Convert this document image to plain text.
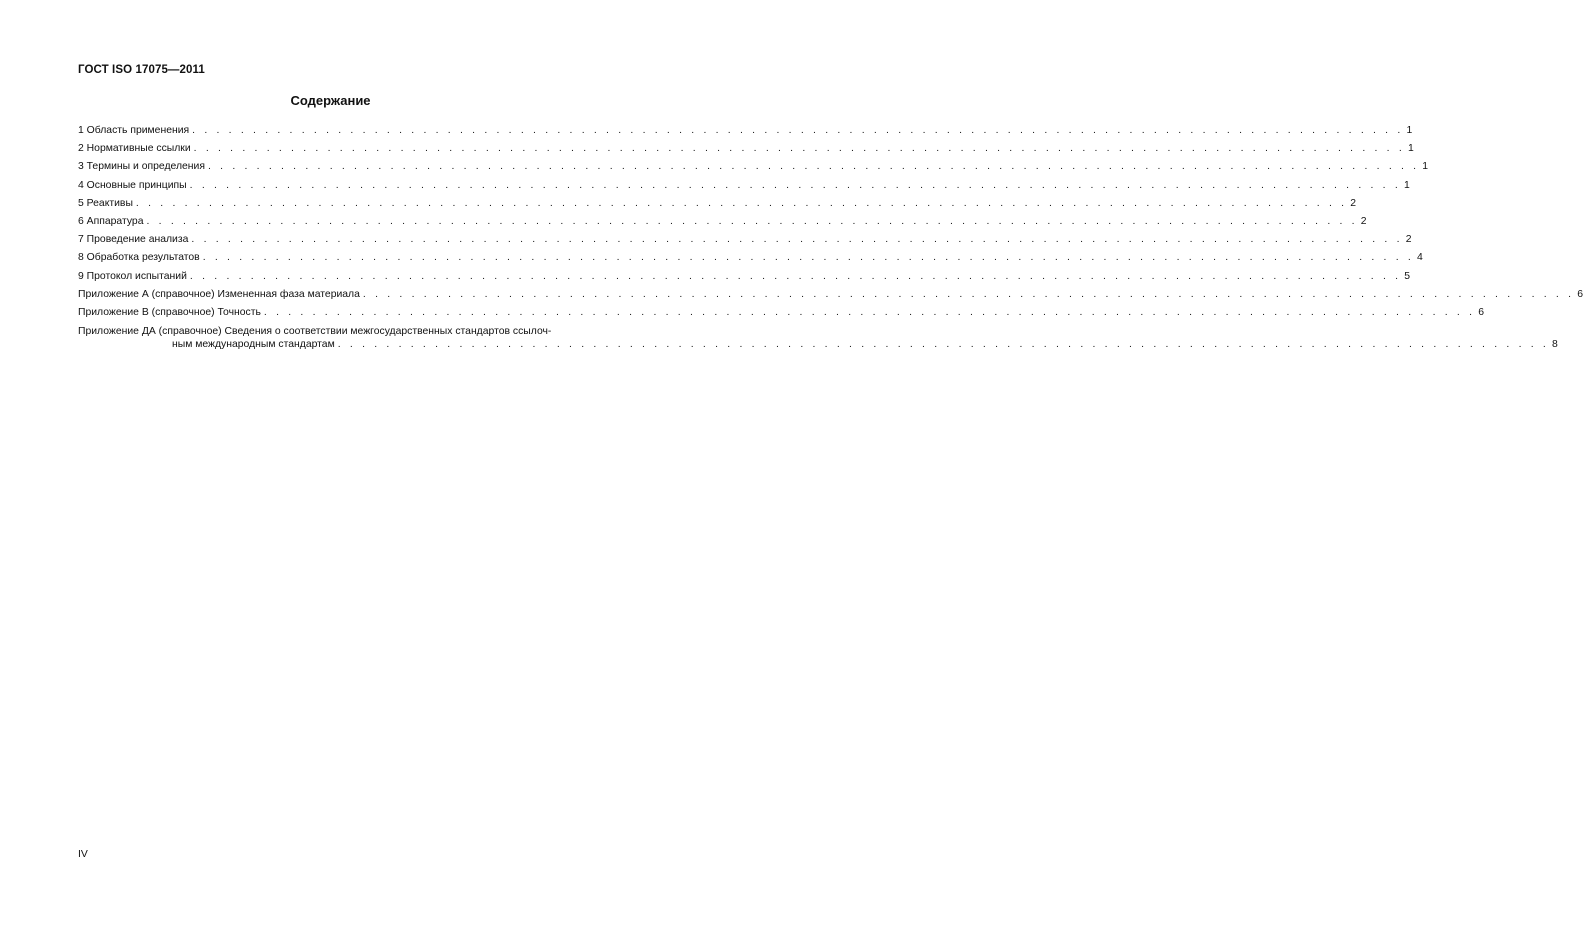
ГОСТ ISO 17075—2011
Содержание
1 Область применения . . . . . . . . . . . . . . . . . . . . . . . . . . . . . . . . . . . . . . . . . . . . . . . . . . . . . . . . . . . . . . . . . . . . . . . . . . . . . . . . . . . . . . . . . . . . . . . . . . . . 1
2 Нормативные ссылки . . . . . . . . . . . . . . . . . . . . . . . . . . . . . . . . . . . . . . . . . . . . . . . . . . . . . . . . . . . . . . . . . . . . . . . . . . . . . . . . . . . . . . . . . . . . . . . . . . . . 1
3 Термины и определения . . . . . . . . . . . . . . . . . . . . . . . . . . . . . . . . . . . . . . . . . . . . . . . . . . . . . . . . . . . . . . . . . . . . . . . . . . . . . . . . . . . . . . . . . . . . . . . . . . . . 1
4 Основные принципы . . . . . . . . . . . . . . . . . . . . . . . . . . . . . . . . . . . . . . . . . . . . . . . . . . . . . . . . . . . . . . . . . . . . . . . . . . . . . . . . . . . . . . . . . . . . . . . . . . . . 1
5 Реактивы . . . . . . . . . . . . . . . . . . . . . . . . . . . . . . . . . . . . . . . . . . . . . . . . . . . . . . . . . . . . . . . . . . . . . . . . . . . . . . . . . . . . . . . . . . . . . . . . . . . . 2
6 Аппаратура . . . . . . . . . . . . . . . . . . . . . . . . . . . . . . . . . . . . . . . . . . . . . . . . . . . . . . . . . . . . . . . . . . . . . . . . . . . . . . . . . . . . . . . . . . . . . . . . . . . . 2
7 Проведение анализа . . . . . . . . . . . . . . . . . . . . . . . . . . . . . . . . . . . . . . . . . . . . . . . . . . . . . . . . . . . . . . . . . . . . . . . . . . . . . . . . . . . . . . . . . . . . . . . . . . . . 2
8 Обработка результатов . . . . . . . . . . . . . . . . . . . . . . . . . . . . . . . . . . . . . . . . . . . . . . . . . . . . . . . . . . . . . . . . . . . . . . . . . . . . . . . . . . . . . . . . . . . . . . . . . . . . 4
9 Протокол испытаний . . . . . . . . . . . . . . . . . . . . . . . . . . . . . . . . . . . . . . . . . . . . . . . . . . . . . . . . . . . . . . . . . . . . . . . . . . . . . . . . . . . . . . . . . . . . . . . . . . . . 5
Приложение А (справочное) Измененная фаза материала . . . . . . . . . . . . . . . . . . . . . . . . . . . . . . . . . . . . . . . . . . . . . . . . . . . . . . . . . . . . . . . . . . . . . . . . . . . . . . . . . . . . . . . . . . . . . . . . . . . . 6
Приложение В (справочное) Точность . . . . . . . . . . . . . . . . . . . . . . . . . . . . . . . . . . . . . . . . . . . . . . . . . . . . . . . . . . . . . . . . . . . . . . . . . . . . . . . . . . . . . . . . . . . . . . . . . . . . 6
Приложение ДА (справочное) Сведения о соответствии межгосударственных стандартов ссылоч-
ным международным стандартам . . . . . . . . . . . . . . . . . . . . . . . . . . . . . . . . . . . . . . . . . . . . . . . . . . . . . . . . . . . . . . . . . . . . . . . . . . . . . . . . . . . . . . . . . . . . . . . . . . . . 8
IV
